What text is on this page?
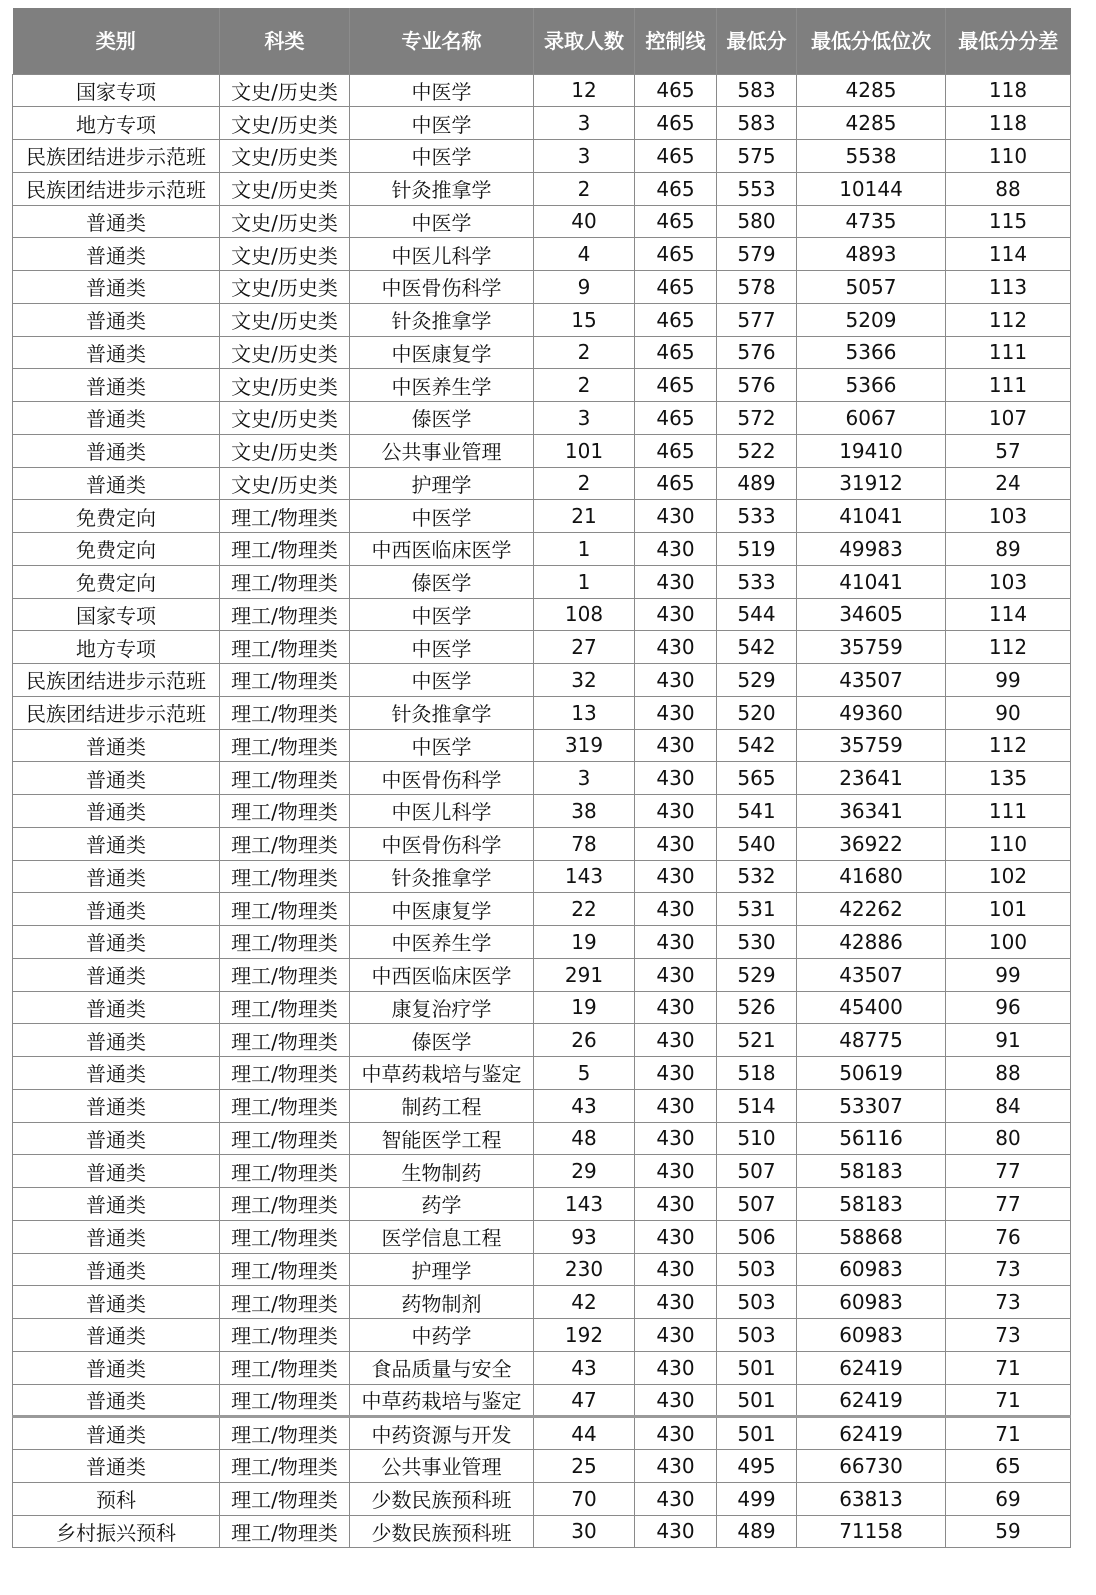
类别	科类	专业名称	录取人数	控制线	最低分	最低分低位次	最低分分差
国家专项	文史/历史类	中医学	12	465	583	4285	118
地方专项	文史/历史类	中医学	3	465	583	4285	118
民族团结进步示范班	文史/历史类	中医学	3	465	575	5538	110
民族团结进步示范班	文史/历史类	针灸推拿学	2	465	553	10144	88
普通类	文史/历史类	中医学	40	465	580	4735	115
普通类	文史/历史类	中医儿科学	4	465	579	4893	114
普通类	文史/历史类	中医骨伤科学	9	465	578	5057	113
普通类	文史/历史类	针灸推拿学	15	465	577	5209	112
普通类	文史/历史类	中医康复学	2	465	576	5366	111
普通类	文史/历史类	中医养生学	2	465	576	5366	111
普通类	文史/历史类	傣医学	3	465	572	6067	107
普通类	文史/历史类	公共事业管理	101	465	522	19410	57
普通类	文史/历史类	护理学	2	465	489	31912	24
免费定向	理工/物理类	中医学	21	430	533	41041	103
免费定向	理工/物理类	中西医临床医学	1	430	519	49983	89
免费定向	理工/物理类	傣医学	1	430	533	41041	103
国家专项	理工/物理类	中医学	108	430	544	34605	114
地方专项	理工/物理类	中医学	27	430	542	35759	112
民族团结进步示范班	理工/物理类	中医学	32	430	529	43507	99
民族团结进步示范班	理工/物理类	针灸推拿学	13	430	520	49360	90
普通类	理工/物理类	中医学	319	430	542	35759	112
普通类	理工/物理类	中医骨伤科学	3	430	565	23641	135
普通类	理工/物理类	中医儿科学	38	430	541	36341	111
普通类	理工/物理类	中医骨伤科学	78	430	540	36922	110
普通类	理工/物理类	针灸推拿学	143	430	532	41680	102
普通类	理工/物理类	中医康复学	22	430	531	42262	101
普通类	理工/物理类	中医养生学	19	430	530	42886	100
普通类	理工/物理类	中西医临床医学	291	430	529	43507	99
普通类	理工/物理类	康复治疗学	19	430	526	45400	96
普通类	理工/物理类	傣医学	26	430	521	48775	91
普通类	理工/物理类	中草药栽培与鉴定	5	430	518	50619	88
普通类	理工/物理类	制药工程	43	430	514	53307	84
普通类	理工/物理类	智能医学工程	48	430	510	56116	80
普通类	理工/物理类	生物制药	29	430	507	58183	77
普通类	理工/物理类	药学	143	430	507	58183	77
普通类	理工/物理类	医学信息工程	93	430	506	58868	76
普通类	理工/物理类	护理学	230	430	503	60983	73
普通类	理工/物理类	药物制剂	42	430	503	60983	73
普通类	理工/物理类	中药学	192	430	503	60983	73
普通类	理工/物理类	食品质量与安全	43	430	501	62419	71
普通类	理工/物理类	中草药栽培与鉴定	47	430	501	62419	71
普通类	理工/物理类	中药资源与开发	44	430	501	62419	71
普通类	理工/物理类	公共事业管理	25	430	495	66730	65
预科	理工/物理类	少数民族预科班	70	430	499	63813	69
乡村振兴预科	理工/物理类	少数民族预科班	30	430	489	71158	59
